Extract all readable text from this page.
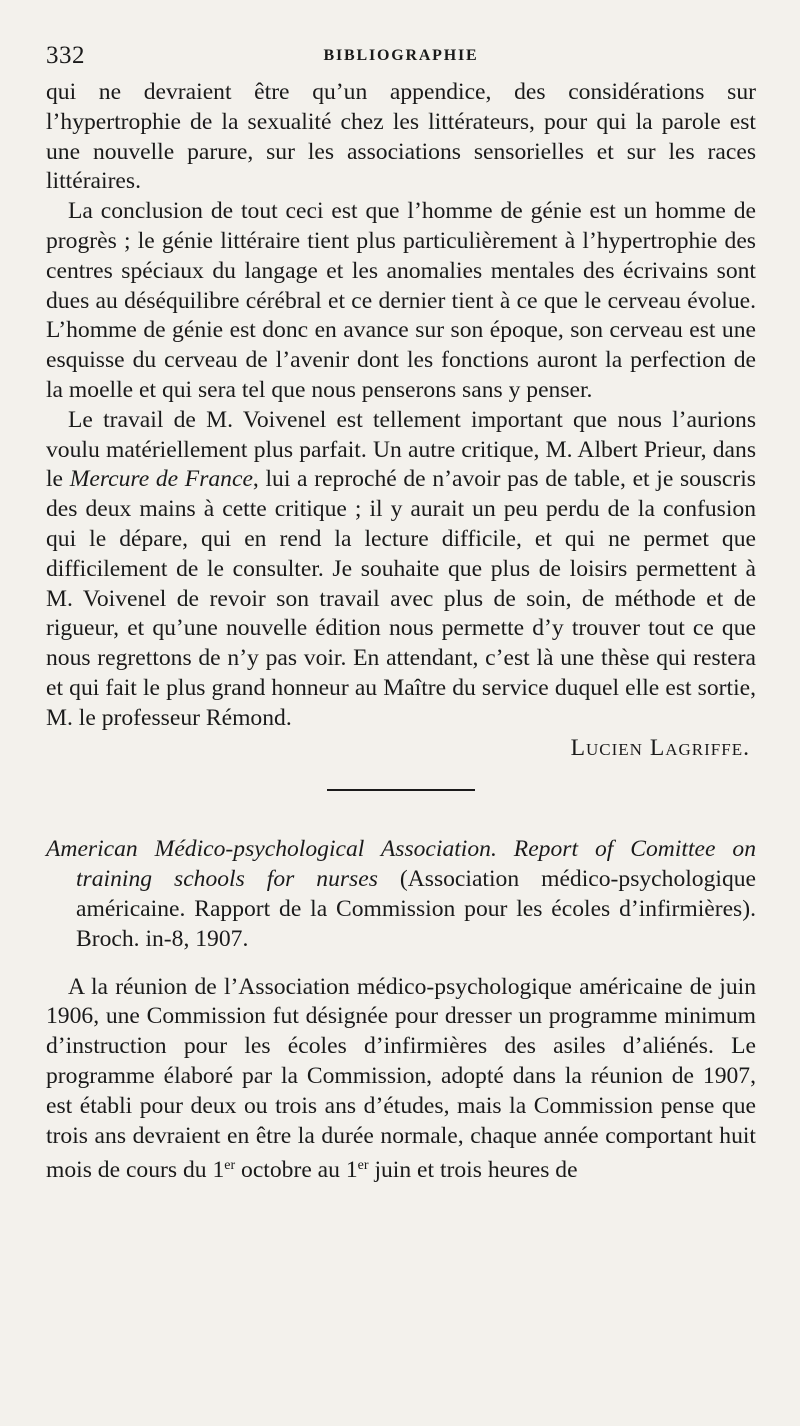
332	BIBLIOGRAPHIE

qui ne devraient être qu’un appendice, des considérations sur l’hypertrophie de la sexualité chez les littérateurs, pour qui la parole est une nouvelle parure, sur les associations sensorielles et sur les races littéraires.

La conclusion de tout ceci est que l’homme de génie est un homme de progrès ; le génie littéraire tient plus particulièrement à l’hypertrophie des centres spéciaux du langage et les anomalies mentales des écrivains sont dues au déséquilibre cérébral et ce dernier tient à ce que le cerveau évolue. L’homme de génie est donc en avance sur son époque, son cerveau est une esquisse du cerveau de l’avenir dont les fonctions auront la perfection de la moelle et qui sera tel que nous penserons sans y penser.

Le travail de M. Voivenel est tellement important que nous l’aurions voulu matériellement plus parfait. Un autre critique, M. Albert Prieur, dans le Mercure de France, lui a reproché de n’avoir pas de table, et je souscris des deux mains à cette critique ; il y aurait un peu perdu de la confusion qui le dépare, qui en rend la lecture difficile, et qui ne permet que difficilement de le consulter. Je souhaite que plus de loisirs permettent à M. Voivenel de revoir son travail avec plus de soin, de méthode et de rigueur, et qu’une nouvelle édition nous permette d’y trouver tout ce que nous regrettons de n’y pas voir. En attendant, c’est là une thèse qui restera et qui fait le plus grand honneur au Maître du service duquel elle est sortie, M. le professeur Rémond.

Lucien Lagriffe.

American Médico-psychological Association. Report of Comittee on training schools for nurses (Association médico-psychologique américaine. Rapport de la Commission pour les écoles d’infirmières). Broch. in-8, 1907.

A la réunion de l’Association médico-psychologique américaine de juin 1906, une Commission fut désignée pour dresser un programme minimum d’instruction pour les écoles d’infirmières des asiles d’aliénés. Le programme élaboré par la Commission, adopté dans la réunion de 1907, est établi pour deux ou trois ans d’études, mais la Commission pense que trois ans devraient en être la durée normale, chaque année comportant huit mois de cours du 1er octobre au 1er juin et trois heures de
